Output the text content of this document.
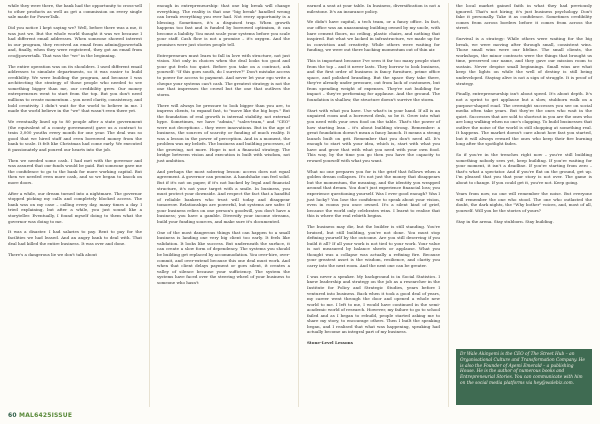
while they were there, the bank had the opportunity to cross-sell to other products as well as get a commission on every single sale made for PowerTalk.

Did you notice I kept saying we? Well, before there was a me, it was just we. But the whole world thought it was we because I had different email addresses. When someone showed interest in our program, they received an email from admin@powertalk and, finally, when they were registered, they got an email from ceo@powertalk. That was the "we" in the beginning.

The entire operation was on its shoulders. I used different email addresses to simulate departments, so it was easier to build credibility. We were building the program, and because I was architecting the strategy of those people who needed to see something bigger than me, our credibility grew. Our money entrepreneurs went to start from the top. But you don't need millions to create momentum – you need clarity, consistency, and bold creativity. I didn't wait for the world to believe in me. I made the world believe in the "we" that wasn't even there yet.

We eventually lined up to 80 people after a state government (the equivalent of a county government) gave us a contract to train 3,000 youths every month for one year. The deal was so good that we hired staff and even borrowed money from the bank to scale. It felt like Christmas had come early. We executed it passionately and poured our hearts into the job.

Then we needed some cash. I had met with the governor and was assured that our funds would be paid. But someone gave me the confidence to go to the bank for more working capital. But then we needed even more cash, and so we began to knock on more doors.

After a while, our dream turned into a nightmare. The governor stopped picking my calls and completely blocked access. The bank was on my case – calling every day, many times a day. I tried explaining, but after a while, you just sound like a storyteller. Eventually, I found myself doing to them what the governor was doing to me.

It was a disaster. I had salaries to pay. Rent to pay for the facilities we had leased. And an angry bank to deal with. That deal had killed the entire business. It was over and done.

There's a dangerous lie we don't talk about

enough in entrepreneurship: that one big break will change everything. The reality is that one "big break" handled wrong can break everything you ever had. Not every opportunity is a blessing. Sometimes, it's a disguised trap. When growth happens too fast and is funded by borrowed optimism, it can become a liability. You must scale your systems before you scale your staff. Cash flow is not a promise – it's oxygen. And the promises were just stories people tell.

Entrepreneurs must learn to fall in love with structure, not just vision. Not only in choices when the deal looks too good and your gut feels too quiet. Before you take on a contract, ask yourself: "If this goes south, do I survive?" Don't mistake access to power for access to payment. And never let your ego write a cheque your systems can't cash. The greatest strategy is not the one that impresses the crowd but the one that outlives the storm.

There will always be pressure to look bigger than you are, to impress clients, to expand fast, to "move like the big boys." But the foundation of real growth is internal stability, not external hype. Sometimes, we have "admin," "sales-team," and "CEO" were not deceptions – they were innovations. But in the age of business, the sources of scarcity or funding of much reality. It was a lesson in the power of perception. And in a moment, the problem was my beliefs. The business and building processes, of the growing, not more. Hope is not a financial strategy. The bridge between vision and execution is built with wisdom, not just ambition.

And perhaps the most sobering lesson: access does not equal agreement. A governor can promise. A handshake can feel solid. But if it's not on paper, if it's not backed by legal and financial structure, it's not your target with a smile. In business, you must protect your downside. And respect the fact that a handful of reliable bankers who trust will today and disappear tomorrow. Relationships are powerful, but systems are safer. If your business relies on one person's goodwill, you don't have a business; you have a gamble. Diversify your income streams, build your funding sources, and make sure it's documented.

One of the most dangerous things that can happen to a small business is landing one very big client too early. It feels like validation. It looks like success. But underneath the surface, it can create a slow form of dependency. The systems you should be building get replaced by accommodation. You over-hire, over-commit, and over-extend because this one deal must work. And when that client delays payment or goes silent, it creates a valley of silence because your sufficiency. The system the systems have faced over the steering wheel of your business to someone who hasn't

earned a seat at your table. In business, diversification is not a milestone. It's an insurance policy.

We didn't have capital, a tech team, or a fancy office. In fact, our office was an unassuming building owned by my uncle, with bare cement floors, no ceiling, plastic chairs, and nothing that inspired. But what we lacked in infrastructure, we made up for in conviction and creativity. While others were waiting for funding, we were out there hacking momentum out of thin air.

This is important because I've seen it far too many people start from the top – and it never lasts. They borrow to look business, and the first order of business is fancy furniture, prime office space, and polished branding. But the space they take there, they're already under pressure, out from lack of customers, but from spending weight of expenses. They're not building for impact – they're performing for applause. And the ground. The foundation is shallow, the structure doesn't survive the storm.

Start with what you have. Use what's in your hand. If all is an unpaired room and a borrowed desk, so be it. Grow into what you need with your own food on the table. That's the power of how starting lean – it's about building strong. Remember: a great foundation doesn't mean a fancy launch. It means a strong launch built on grit. Remember that you don't need all. It's enough to start with your idea, which is, start with what you have and grow that with what you need with your own food. This way, by the time you go then you have the capacity to reward yourself with what you want.

What no one prepares you for is the grief that follows when a golden dream collapses. It's not just the money that disappears but the momentum, the meaning, and the identity you wrapped around that dream. You don't just experience financial loss; you experience questioning yourself. Was I ever good enough? Was I just lucky? You lose the confidence to speak about your vision, even in rooms you once owned. It's a silent kind of grief, because the world only celebrates wins. I learnt to realise that this is where the real rebirth begins.

The business may die, but the builder is still standing. You're bruised, but still building, you're not done. You must stop defining yourself by the outcome. Are you still deserving if you build it all? If all your work is not tied to your work. Your value is not measured by balance sheets or applause. What you thought was a collapse was actually a refining fire. Because your greatest asset is the wisdom, resilience, and clarity you carry into the next room. And the next one can be greater.

I was never a speaker. My background is in Social Statistics. I knew leadership and strategy on the job as a researcher in the Institute for Policy and Strategic Studies, years before I ventured into business. Back when it took a good deal of years, my career went through the door and opened a whole new world to me. I left to me, I would have continued in the semi-academic world of research. However, my failure to go to school failed and as I began to rebuild, people started asking me to share my story, to encourage others. Then I built the speaking began, and I realised that what was happening, speaking had actually become an integral part of my business.

Stone-Level Lessons

the local market gained faith in what they had previously ignored. That's not hiring; it's just business psychology. Don't fake it personally. Take it as confidence. Sometimes credibility comes from across borders before it comes from across the street.

Survival is a strategy: While others were waiting for the big break, we were moving after through small, consistent wins. Those small wins were our lifeline. The small clients, the workshops, the minor contracts were the things that brought us time, preserved our name, and they gave our mission room to sustain. Never despise small beginnings. Small wins are what keep the lights on while the well of destiny is still being undeveloped. Staying alive is not a sign of struggle. It is proof of strategy.

Finally, entrepreneurship isn't about speed. It's about depth. It's not a sprint to get applause but a slow, stubborn walk on a purpose-shaped road. The overnight successes you see on social media often take years. But they're the ones who wait in the quiet. Successes that are sold to shortcut in you are the ones who are long walking when no one's clapping. To build businesses that outlive the noise of the world is still shopping at something real. It happens. The market doesn't care about how fast you started, but it will always reward the ones who keep their fire burning long after the spotlight fades.

So if you're in the trenches right now – you're still building something nobody sees yet, keep building. If you're waiting for your moment, it isn't a deadline. If you're starting from zero – that's what a spectator. And if you're flat on the ground, get up. I'm pleased that you that your story is not over. The game is about to change. If you could get it, you're not. Keep going.

Years from now, no one will remember the noise. But everyone will remember the one who stood. The one who outlasted the doubt, the dark nights, the "Why bother" voices, and, most of all, yourself. Will you be the stories of yours?

Stay in the arena. Stay stubborn. Stay building.

Dr Wale Akinyemi is the CEO of The Street Hub – an Organisational Culture and Transformation Company. He is also the Founder of Ayemi Emerald – a publishing House. He is the author of numerous books and Entrepreneurial Stories. You can communicate with him on the social media platforms via hey@walebiz.com.
60 MAL6425ISSUE
